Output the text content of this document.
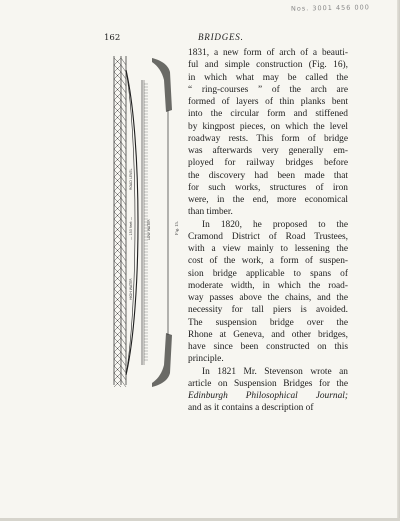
Nos. 3001 456 000
162	BRIDGES.
HIGH WATER
— 150 feet —
ROAD LEVEL
LOW WATER	Fig. 15.
1831, a new form of arch of a beauti-
ful and simple construction (Fig. 16),
in which what may be called the
“ ring-courses ” of the arch are
formed of layers of thin planks bent
into the circular form and stiffened
by kingpost pieces, on which the level
roadway rests. This form of bridge
was afterwards very generally em-
ployed for railway bridges before
the discovery had been made that
for such works, structures of iron
were, in the end, more economical
than timber.
In 1820, he proposed to the
Cramond District of Road Trustees,
with a view mainly to lessening the
cost of the work, a form of suspen-
sion bridge applicable to spans of
moderate width, in which the road-
way passes above the chains, and the
necessity for tall piers is avoided.
The suspension bridge over the
Rhone at Geneva, and other bridges,
have since been constructed on this
principle.
In 1821 Mr. Stevenson wrote an
article on Suspension Bridges for the
Edinburgh Philosophical Journal;
and as it contains a description of
